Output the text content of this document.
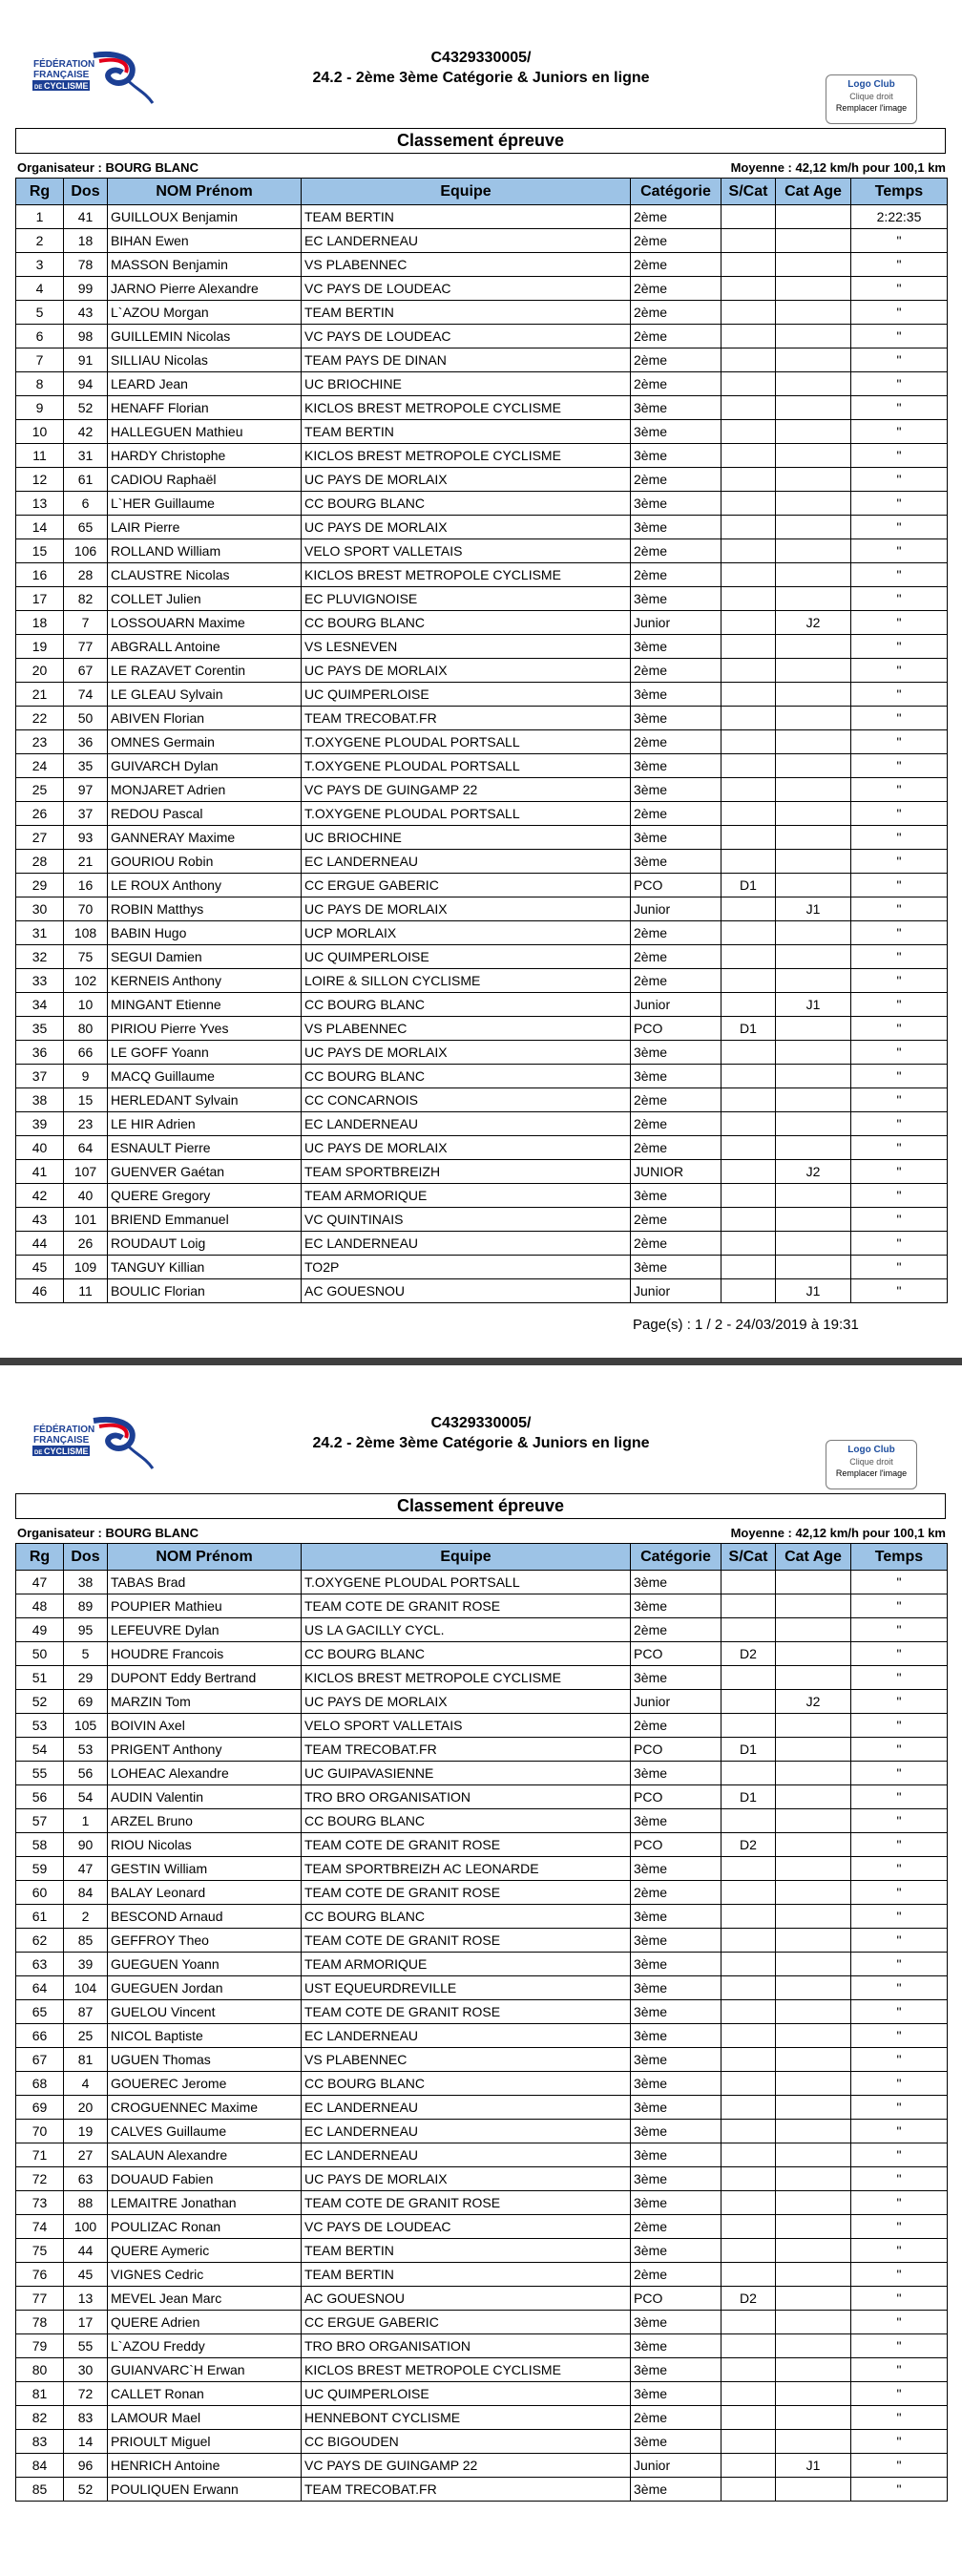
FÉDÉRATION
FRANÇAISE
DE CYCLISME
C4329330005/
24.2 - 2ème 3ème Catégorie & Juniors en ligne	Logo Club
Clique droit
Remplacer l'image
Classement épreuve
Organisateur : BOURG BLANC	Moyenne : 42,12 km/h pour 100,1 km
Rg	Dos	NOM Prénom	Equipe	Catégorie	S/Cat	Cat Age	Temps
1	41	GUILLOUX Benjamin	TEAM BERTIN	2ème			2:22:35
2	18	BIHAN Ewen	EC LANDERNEAU	2ème			"
3	78	MASSON Benjamin	VS PLABENNEC	2ème			"
4	99	JARNO Pierre Alexandre	VC PAYS DE LOUDEAC	2ème			"
5	43	L`AZOU Morgan	TEAM BERTIN	2ème			"
6	98	GUILLEMIN Nicolas	VC PAYS DE LOUDEAC	2ème			"
7	91	SILLIAU Nicolas	TEAM PAYS DE DINAN	2ème			"
8	94	LEARD Jean	UC BRIOCHINE	2ème			"
9	52	HENAFF Florian	KICLOS BREST METROPOLE CYCLISME	3ème			"
10	42	HALLEGUEN Mathieu	TEAM BERTIN	3ème			"
11	31	HARDY Christophe	KICLOS BREST METROPOLE CYCLISME	3ème			"
12	61	CADIOU Raphaël	UC PAYS DE MORLAIX	2ème			"
13	6	L`HER Guillaume	CC BOURG BLANC	3ème			"
14	65	LAIR Pierre	UC PAYS DE MORLAIX	3ème			"
15	106	ROLLAND William	VELO SPORT VALLETAIS	2ème			"
16	28	CLAUSTRE Nicolas	KICLOS BREST METROPOLE CYCLISME	2ème			"
17	82	COLLET Julien	EC PLUVIGNOISE	3ème			"
18	7	LOSSOUARN Maxime	CC BOURG BLANC	Junior		J2	"
19	77	ABGRALL Antoine	VS LESNEVEN	3ème			"
20	67	LE RAZAVET Corentin	UC PAYS DE MORLAIX	2ème			"
21	74	LE GLEAU Sylvain	UC QUIMPERLOISE	3ème			"
22	50	ABIVEN Florian	TEAM TRECOBAT.FR	3ème			"
23	36	OMNES Germain	T.OXYGENE PLOUDAL PORTSALL	2ème			"
24	35	GUIVARCH Dylan	T.OXYGENE PLOUDAL PORTSALL	3ème			"
25	97	MONJARET Adrien	VC PAYS DE GUINGAMP 22	3ème			"
26	37	REDOU Pascal	T.OXYGENE PLOUDAL PORTSALL	2ème			"
27	93	GANNERAY Maxime	UC BRIOCHINE	3ème			"
28	21	GOURIOU Robin	EC LANDERNEAU	3ème			"
29	16	LE ROUX Anthony	CC ERGUE GABERIC	PCO	D1		"
30	70	ROBIN Matthys	UC PAYS DE MORLAIX	Junior		J1	"
31	108	BABIN Hugo	UCP MORLAIX	2ème			"
32	75	SEGUI Damien	UC QUIMPERLOISE	2ème			"
33	102	KERNEIS Anthony	LOIRE & SILLON CYCLISME	2ème			"
34	10	MINGANT Etienne	CC BOURG BLANC	Junior		J1	"
35	80	PIRIOU Pierre Yves	VS PLABENNEC	PCO	D1		"
36	66	LE GOFF Yoann	UC PAYS DE MORLAIX	3ème			"
37	9	MACQ Guillaume	CC BOURG BLANC	3ème			"
38	15	HERLEDANT Sylvain	CC CONCARNOIS	2ème			"
39	23	LE HIR Adrien	EC LANDERNEAU	2ème			"
40	64	ESNAULT Pierre	UC PAYS DE MORLAIX	2ème			"
41	107	GUENVER Gaétan	TEAM SPORTBREIZH	JUNIOR		J2	"
42	40	QUERE Gregory	TEAM ARMORIQUE	3ème			"
43	101	BRIEND Emmanuel	VC QUINTINAIS	2ème			"
44	26	ROUDAUT Loig	EC LANDERNEAU	2ème			"
45	109	TANGUY Killian	TO2P	3ème			"
46	11	BOULIC Florian	AC GOUESNOU	Junior		J1	"
Page(s) : 1 / 2 - 24/03/2019 à 19:31
FÉDÉRATION
FRANÇAISE
DE CYCLISME
C4329330005/
24.2 - 2ème 3ème Catégorie & Juniors en ligne	Logo Club
Clique droit
Remplacer l'image
Classement épreuve
Organisateur : BOURG BLANC	Moyenne : 42,12 km/h pour 100,1 km
Rg	Dos	NOM Prénom	Equipe	Catégorie	S/Cat	Cat Age	Temps
47	38	TABAS Brad	T.OXYGENE PLOUDAL PORTSALL	3ème			"
48	89	POUPIER Mathieu	TEAM COTE DE GRANIT ROSE	3ème			"
49	95	LEFEUVRE Dylan	US LA GACILLY CYCL.	2ème			"
50	5	HOUDRE Francois	CC BOURG BLANC	PCO	D2		"
51	29	DUPONT Eddy Bertrand	KICLOS BREST METROPOLE CYCLISME	3ème			"
52	69	MARZIN Tom	UC PAYS DE MORLAIX	Junior		J2	"
53	105	BOIVIN Axel	VELO SPORT VALLETAIS	2ème			"
54	53	PRIGENT Anthony	TEAM TRECOBAT.FR	PCO	D1		"
55	56	LOHEAC Alexandre	UC GUIPAVASIENNE	3ème			"
56	54	AUDIN Valentin	TRO BRO ORGANISATION	PCO	D1		"
57	1	ARZEL Bruno	CC BOURG BLANC	3ème			"
58	90	RIOU Nicolas	TEAM COTE DE GRANIT ROSE	PCO	D2		"
59	47	GESTIN William	TEAM SPORTBREIZH AC LEONARDE	3ème			"
60	84	BALAY Leonard	TEAM COTE DE GRANIT ROSE	2ème			"
61	2	BESCOND Arnaud	CC BOURG BLANC	3ème			"
62	85	GEFFROY Theo	TEAM COTE DE GRANIT ROSE	3ème			"
63	39	GUEGUEN Yoann	TEAM ARMORIQUE	3ème			"
64	104	GUEGUEN Jordan	UST EQUEURDREVILLE	3ème			"
65	87	GUELOU Vincent	TEAM COTE DE GRANIT ROSE	3ème			"
66	25	NICOL Baptiste	EC LANDERNEAU	3ème			"
67	81	UGUEN Thomas	VS PLABENNEC	3ème			"
68	4	GOUEREC Jerome	CC BOURG BLANC	3ème			"
69	20	CROGUENNEC Maxime	EC LANDERNEAU	3ème			"
70	19	CALVES Guillaume	EC LANDERNEAU	3ème			"
71	27	SALAUN Alexandre	EC LANDERNEAU	3ème			"
72	63	DOUAUD Fabien	UC PAYS DE MORLAIX	3ème			"
73	88	LEMAITRE Jonathan	TEAM COTE DE GRANIT ROSE	3ème			"
74	100	POULIZAC Ronan	VC PAYS DE LOUDEAC	2ème			"
75	44	QUERE Aymeric	TEAM BERTIN	3ème			"
76	45	VIGNES Cedric	TEAM BERTIN	2ème			"
77	13	MEVEL Jean Marc	AC GOUESNOU	PCO	D2		"
78	17	QUERE Adrien	CC ERGUE GABERIC	3ème			"
79	55	L`AZOU Freddy	TRO BRO ORGANISATION	3ème			"
80	30	GUIANVARC`H Erwan	KICLOS BREST METROPOLE CYCLISME	3ème			"
81	72	CALLET Ronan	UC QUIMPERLOISE	3ème			"
82	83	LAMOUR Mael	HENNEBONT CYCLISME	2ème			"
83	14	PRIOULT Miguel	CC BIGOUDEN	3ème			"
84	96	HENRICH Antoine	VC PAYS DE GUINGAMP 22	Junior		J1	"
85	52	POULIQUEN Erwann	TEAM TRECOBAT.FR	3ème			"
